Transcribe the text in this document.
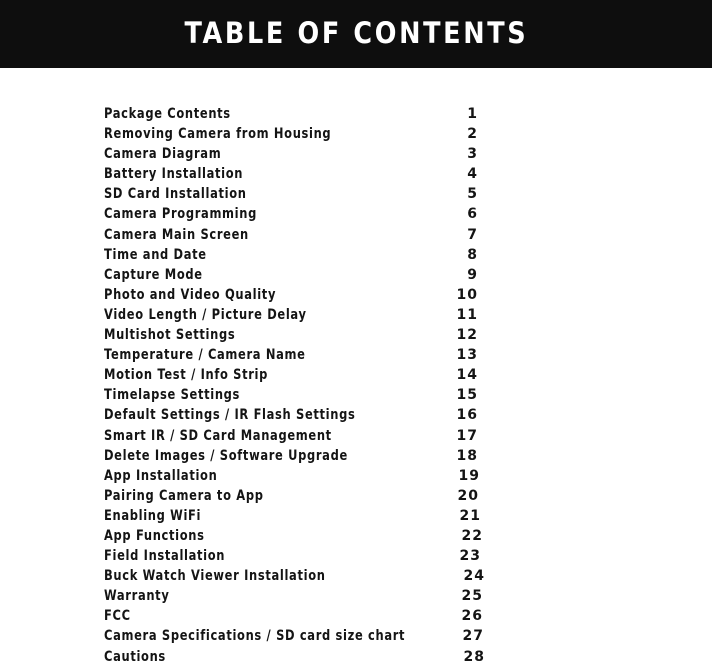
TABLE OF CONTENTS
Package Contents	1
Removing Camera from Housing	2
Camera Diagram	3
Battery Installation	4
SD Card Installation	5
Camera Programming	6
Camera Main Screen	7
Time and Date	8
Capture Mode	9
Photo and Video Quality	10
Video Length / Picture Delay	11
Multishot Settings	12
Temperature / Camera Name	13
Motion Test / Info Strip	14
Timelapse Settings	15
Default Settings / IR Flash Settings	16
Smart IR / SD Card Management	17
Delete Images / Software Upgrade	18
App Installation	19
Pairing Camera to App	20
Enabling WiFi	21
App Functions	22
Field Installation	23
Buck Watch Viewer Installation	24
Warranty	25
FCC	26
Camera Specifications / SD card size chart	27
Cautions	28
